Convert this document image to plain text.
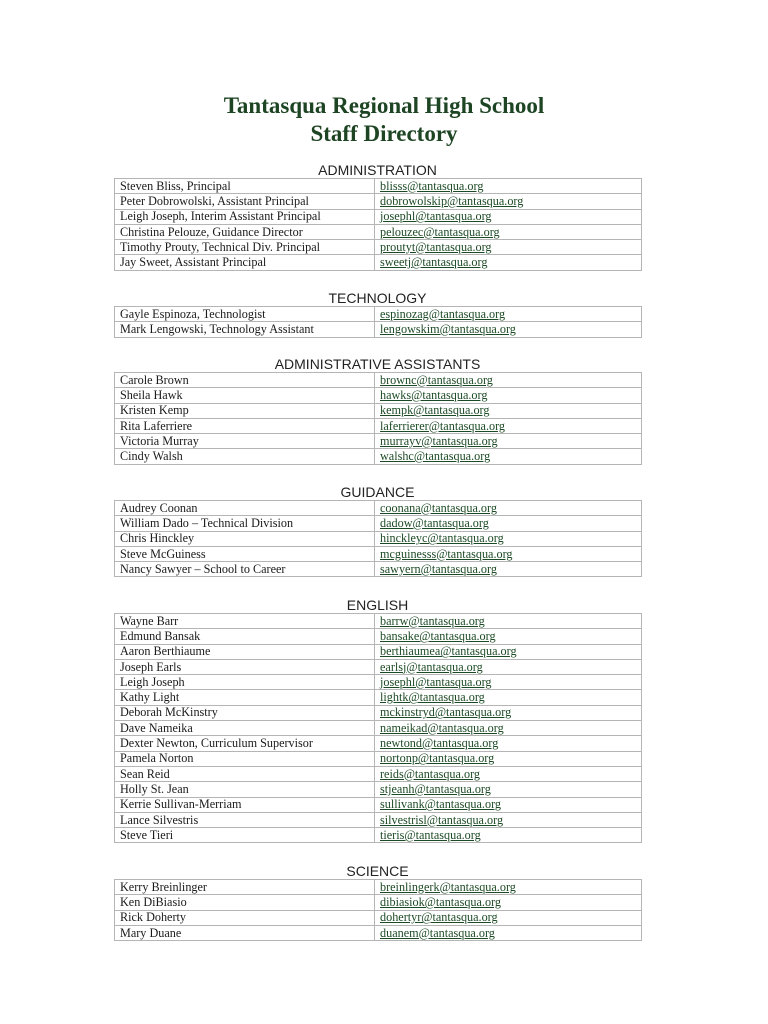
Tantasqua Regional High School
Staff Directory
ADMINISTRATION
Steven Bliss, Principal	blisss@tantasqua.org
Peter Dobrowolski, Assistant Principal	dobrowolskip@tantasqua.org
Leigh Joseph, Interim Assistant Principal	josephl@tantasqua.org
Christina Pelouze, Guidance Director	pelouzec@tantasqua.org
Timothy Prouty, Technical Div. Principal	proutyt@tantasqua.org
Jay Sweet, Assistant Principal	sweetj@tantasqua.org
TECHNOLOGY
Gayle Espinoza, Technologist	espinozag@tantasqua.org
Mark Lengowski, Technology Assistant	lengowskim@tantasqua.org
ADMINISTRATIVE ASSISTANTS
Carole Brown	brownc@tantasqua.org
Sheila Hawk	hawks@tantasqua.org
Kristen Kemp	kempk@tantasqua.org
Rita Laferriere	laferrierer@tantasqua.org
Victoria Murray	murrayv@tantasqua.org
Cindy Walsh	walshc@tantasqua.org
GUIDANCE
Audrey Coonan	coonana@tantasqua.org
William Dado – Technical Division	dadow@tantasqua.org
Chris Hinckley	hinckleyc@tantasqua.org
Steve McGuiness	mcguinesss@tantasqua.org
Nancy Sawyer – School to Career	sawyern@tantasqua.org
ENGLISH
Wayne Barr	barrw@tantasqua.org
Edmund Bansak	bansake@tantasqua.org
Aaron Berthiaume	berthiaumea@tantasqua.org
Joseph Earls	earlsj@tantasqua.org
Leigh Joseph	josephl@tantasqua.org
Kathy Light	lightk@tantasqua.org
Deborah McKinstry	mckinstryd@tantasqua.org
Dave Nameika	nameikad@tantasqua.org
Dexter Newton, Curriculum Supervisor	newtond@tantasqua.org
Pamela Norton	nortonp@tantasqua.org
Sean Reid	reids@tantasqua.org
Holly St. Jean	stjeanh@tantasqua.org
Kerrie Sullivan-Merriam	sullivank@tantasqua.org
Lance Silvestris	silvestrisl@tantasqua.org
Steve Tieri	tieris@tantasqua.org
SCIENCE
Kerry Breinlinger	breinlingerk@tantasqua.org
Ken DiBiasio	dibiasiok@tantasqua.org
Rick Doherty	dohertyr@tantasqua.org
Mary Duane	duanem@tantasqua.org
